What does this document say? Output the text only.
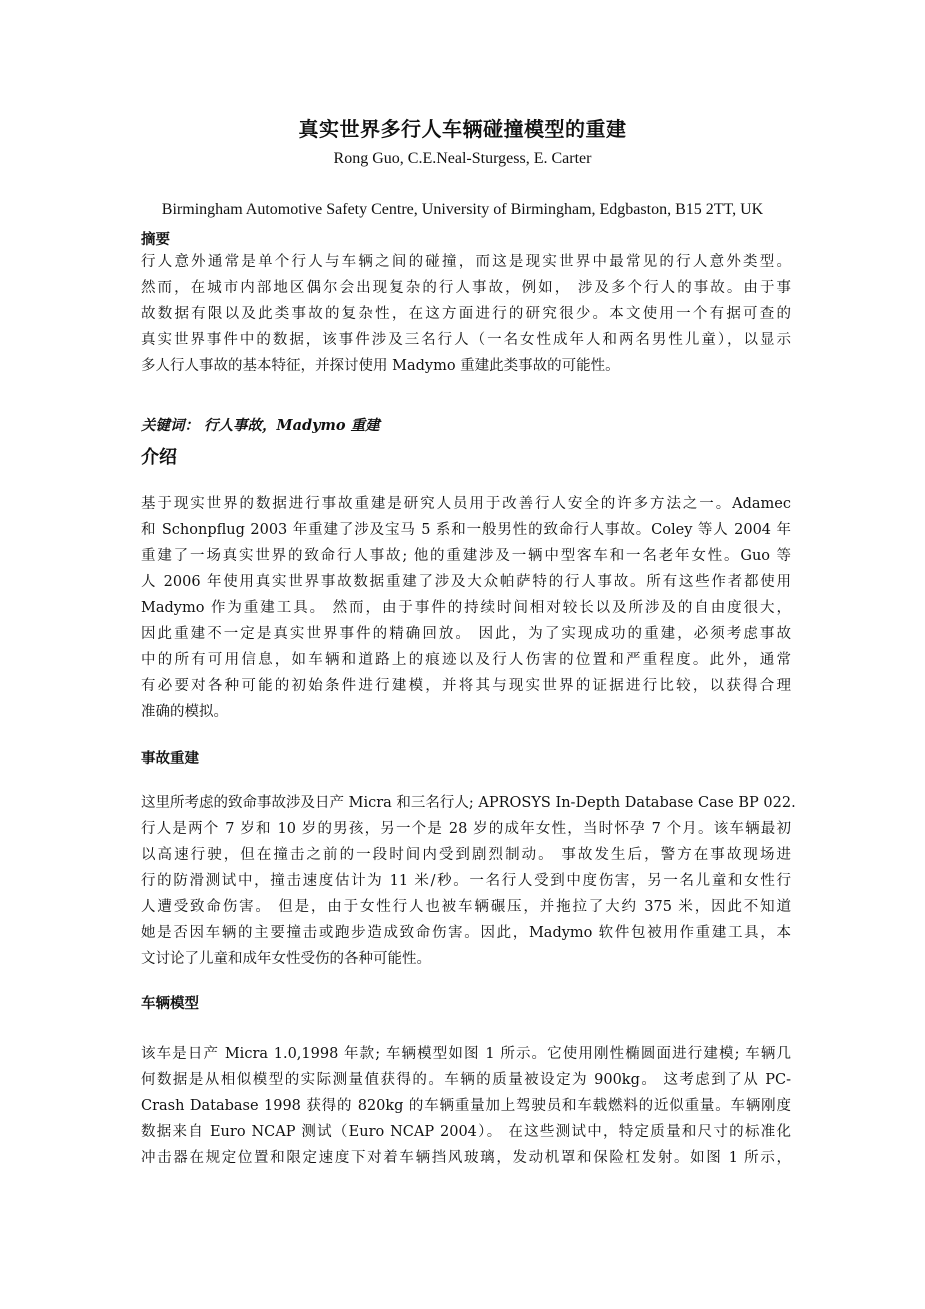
真实世界多行人车辆碰撞模型的重建
Rong Guo, C.E.Neal-Sturgess, E. Carter
Birmingham Automotive Safety Centre, University of Birmingham, Edgbaston, B15 2TT, UK
摘要
行人意外通常是单个行人与车辆之间的碰撞，而这是现实世界中最常见的行人意外类型。
然而，在城市内部地区偶尔会出现复杂的行人事故，例如， 涉及多个行人的事故。由于事
故数据有限以及此类事故的复杂性，在这方面进行的研究很少。本文使用一个有据可查的
真实世界事件中的数据，该事件涉及三名行人（一名女性成年人和两名男性儿童），以显示
多人行人事故的基本特征，并探讨使用 Madymo 重建此类事故的可能性。
关键词： 行人事故，Madymo 重建
介绍
基于现实世界的数据进行事故重建是研究人员用于改善行人安全的许多方法之一。Adamec
和 Schonpflug 2003 年重建了涉及宝马 5 系和一般男性的致命行人事故。Coley 等人 2004 年
重建了一场真实世界的致命行人事故; 他的重建涉及一辆中型客车和一名老年女性。Guo 等
人 2006 年使用真实世界事故数据重建了涉及大众帕萨特的行人事故。所有这些作者都使用
Madymo 作为重建工具。 然而，由于事件的持续时间相对较长以及所涉及的自由度很大，
因此重建不一定是真实世界事件的精确回放。 因此，为了实现成功的重建，必须考虑事故
中的所有可用信息，如车辆和道路上的痕迹以及行人伤害的位置和严重程度。此外，通常
有必要对各种可能的初始条件进行建模，并将其与现实世界的证据进行比较，以获得合理
准确的模拟。
事故重建
这里所考虑的致命事故涉及日产 Micra 和三名行人; APROSYS In-Depth Database Case BP 022.
行人是两个 7 岁和 10 岁的男孩，另一个是 28 岁的成年女性，当时怀孕 7 个月。该车辆最初
以高速行驶，但在撞击之前的一段时间内受到剧烈制动。 事故发生后，警方在事故现场进
行的防滑测试中，撞击速度估计为 11 米/秒。一名行人受到中度伤害，另一名儿童和女性行
人遭受致命伤害。 但是，由于女性行人也被车辆碾压，并拖拉了大约 375 米，因此不知道
她是否因车辆的主要撞击或跑步造成致命伤害。因此，Madymo 软件包被用作重建工具，本
文讨论了儿童和成年女性受伤的各种可能性。
车辆模型
该车是日产 Micra 1.0,1998 年款; 车辆模型如图 1 所示。它使用刚性椭圆面进行建模; 车辆几
何数据是从相似模型的实际测量值获得的。车辆的质量被设定为 900kg。 这考虑到了从 PC-
Crash Database 1998 获得的 820kg 的车辆重量加上驾驶员和车载燃料的近似重量。车辆刚度
数据来自 Euro NCAP 测试（Euro NCAP 2004）。 在这些测试中，特定质量和尺寸的标准化
冲击器在规定位置和限定速度下对着车辆挡风玻璃，发动机罩和保险杠发射。如图 1 所示，
